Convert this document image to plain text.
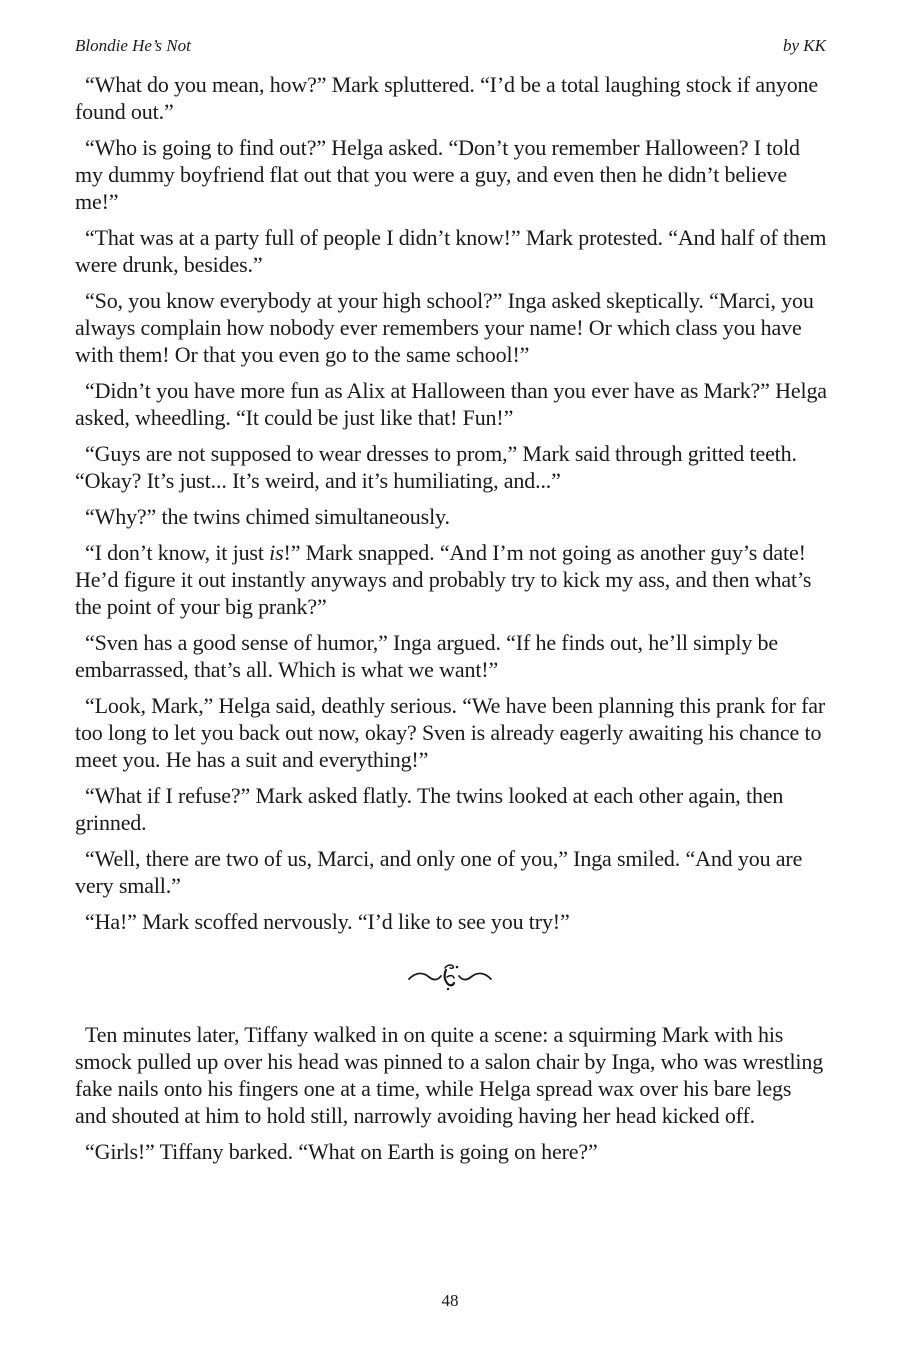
Blondie He’s Not	by KK

“What do you mean, how?” Mark spluttered. “I’d be a total laughing stock if anyone found out.”

“Who is going to find out?” Helga asked. “Don’t you remember Halloween? I told my dummy boyfriend flat out that you were a guy, and even then he didn’t believe me!”

“That was at a party full of people I didn’t know!” Mark protested. “And half of them were drunk, besides.”

“So, you know everybody at your high school?” Inga asked skeptically. “Marci, you always complain how nobody ever remembers your name! Or which class you have with them! Or that you even go to the same school!”

“Didn’t you have more fun as Alix at Halloween than you ever have as Mark?” Helga asked, wheedling. “It could be just like that! Fun!”

“Guys are not supposed to wear dresses to prom,” Mark said through gritted teeth. “Okay? It’s just... It’s weird, and it’s humiliating, and...”

“Why?” the twins chimed simultaneously.

“I don’t know, it just is!” Mark snapped. “And I’m not going as another guy’s date! He’d figure it out instantly anyways and probably try to kick my ass, and then what’s the point of your big prank?”

“Sven has a good sense of humor,” Inga argued. “If he finds out, he’ll simply be embarrassed, that’s all. Which is what we want!”

“Look, Mark,” Helga said, deathly serious. “We have been planning this prank for far too long to let you back out now, okay? Sven is already eagerly awaiting his chance to meet you. He has a suit and everything!”

“What if I refuse?” Mark asked flatly. The twins looked at each other again, then grinned.

“Well, there are two of us, Marci, and only one of you,” Inga smiled. “And you are very small.”

“Ha!” Mark scoffed nervously. “I’d like to see you try!”

Ten minutes later, Tiffany walked in on quite a scene: a squirming Mark with his smock pulled up over his head was pinned to a salon chair by Inga, who was wrestling fake nails onto his fingers one at a time, while Helga spread wax over his bare legs and shouted at him to hold still, narrowly avoiding having her head kicked off.

“Girls!” Tiffany barked. “What on Earth is going on here?”

48
